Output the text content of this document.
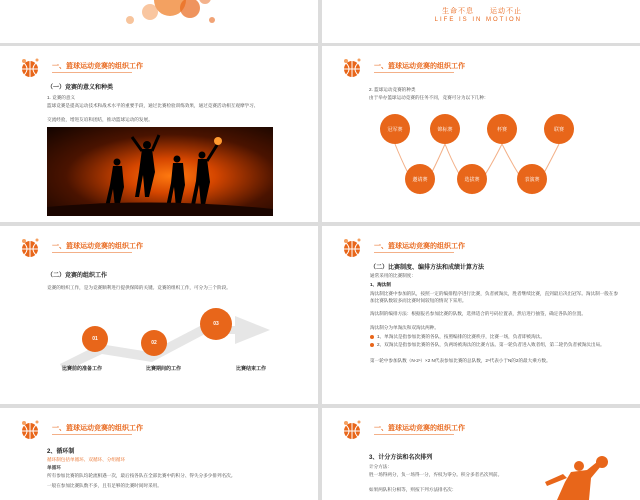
生命不息　　运动不止
LIFE IS IN MOTION
一、篮球运动竞赛的组织工作
（一）竞赛的意义和种类
1. 竞赛的意义
篮球竞赛是提高运动技术和战术水平的重要手段，通过比赛检验训练效果，通过竞赛活动相互观摩学习、
交流经验，增进友谊和团结，推动篮球运动的发展。
一、篮球运动竞赛的组织工作
2. 篮球运动竞赛的种类
由于举办篮球运动竞赛的任务不同，竞赛可分为以下几种：
冠军赛	锦标赛	杯赛	联赛
邀请赛	选拔赛	表演赛
一、篮球运动竞赛的组织工作
（二）竞赛的组织工作
竞赛的组织工作，是为竞赛顺利进行提供保障的关键。竞赛的组织工作，可分为三个阶段。
01
02
03
比赛前的准备工作	比赛期间的工作	比赛结束工作
一、篮球运动竞赛的组织工作
（二）比赛制度、编排方法和成绩计算方法
通常采用的比赛制度：
1、淘汰制
淘汰制比赛中参加的队，按照一定的编排程序进行比赛，负者被淘汰，胜者继续比赛，直到最后决出冠军。淘汰制一般在参加比赛队数较多而比赛时间较短的情况下采用。
淘汰制的编排方法：根据报名参加比赛的队数，选择适合的号码位置表，然后进行抽签，确定各队的位置。
淘汰制分为单淘汰和双淘汰两种。
1、单淘汰是指参加比赛的各队，按照编排的比赛秩序，比赛一场，负者即被淘汰。
2、双淘汰是指参加比赛的各队，负两场被淘汰的比赛方法。第一轮负者进入败者组，第二轮仍负者被淘汰出局。
第一轮中参加队数（N-2ⁿ）×2 N代表参加比赛的总队数，2ⁿ代表小于N的2的最大乘方数。
一、篮球运动竞赛的组织工作
2、循环制
循环制包括单循环、双循环、分组循环
单循环
所有参加比赛的队均轮流相遇一次，最后按各队在全部比赛中的积分、得失分多少排列名次。
一般在参加比赛队数不多，且有足够的比赛时间时采用。
一、篮球运动竞赛的组织工作
3、计分方法和名次排列
计分方法：
胜一场得两分，负一场得一分，弃权为零分。积分多者名次列前。
如果两队积分相等，则按下列方法排名次：
